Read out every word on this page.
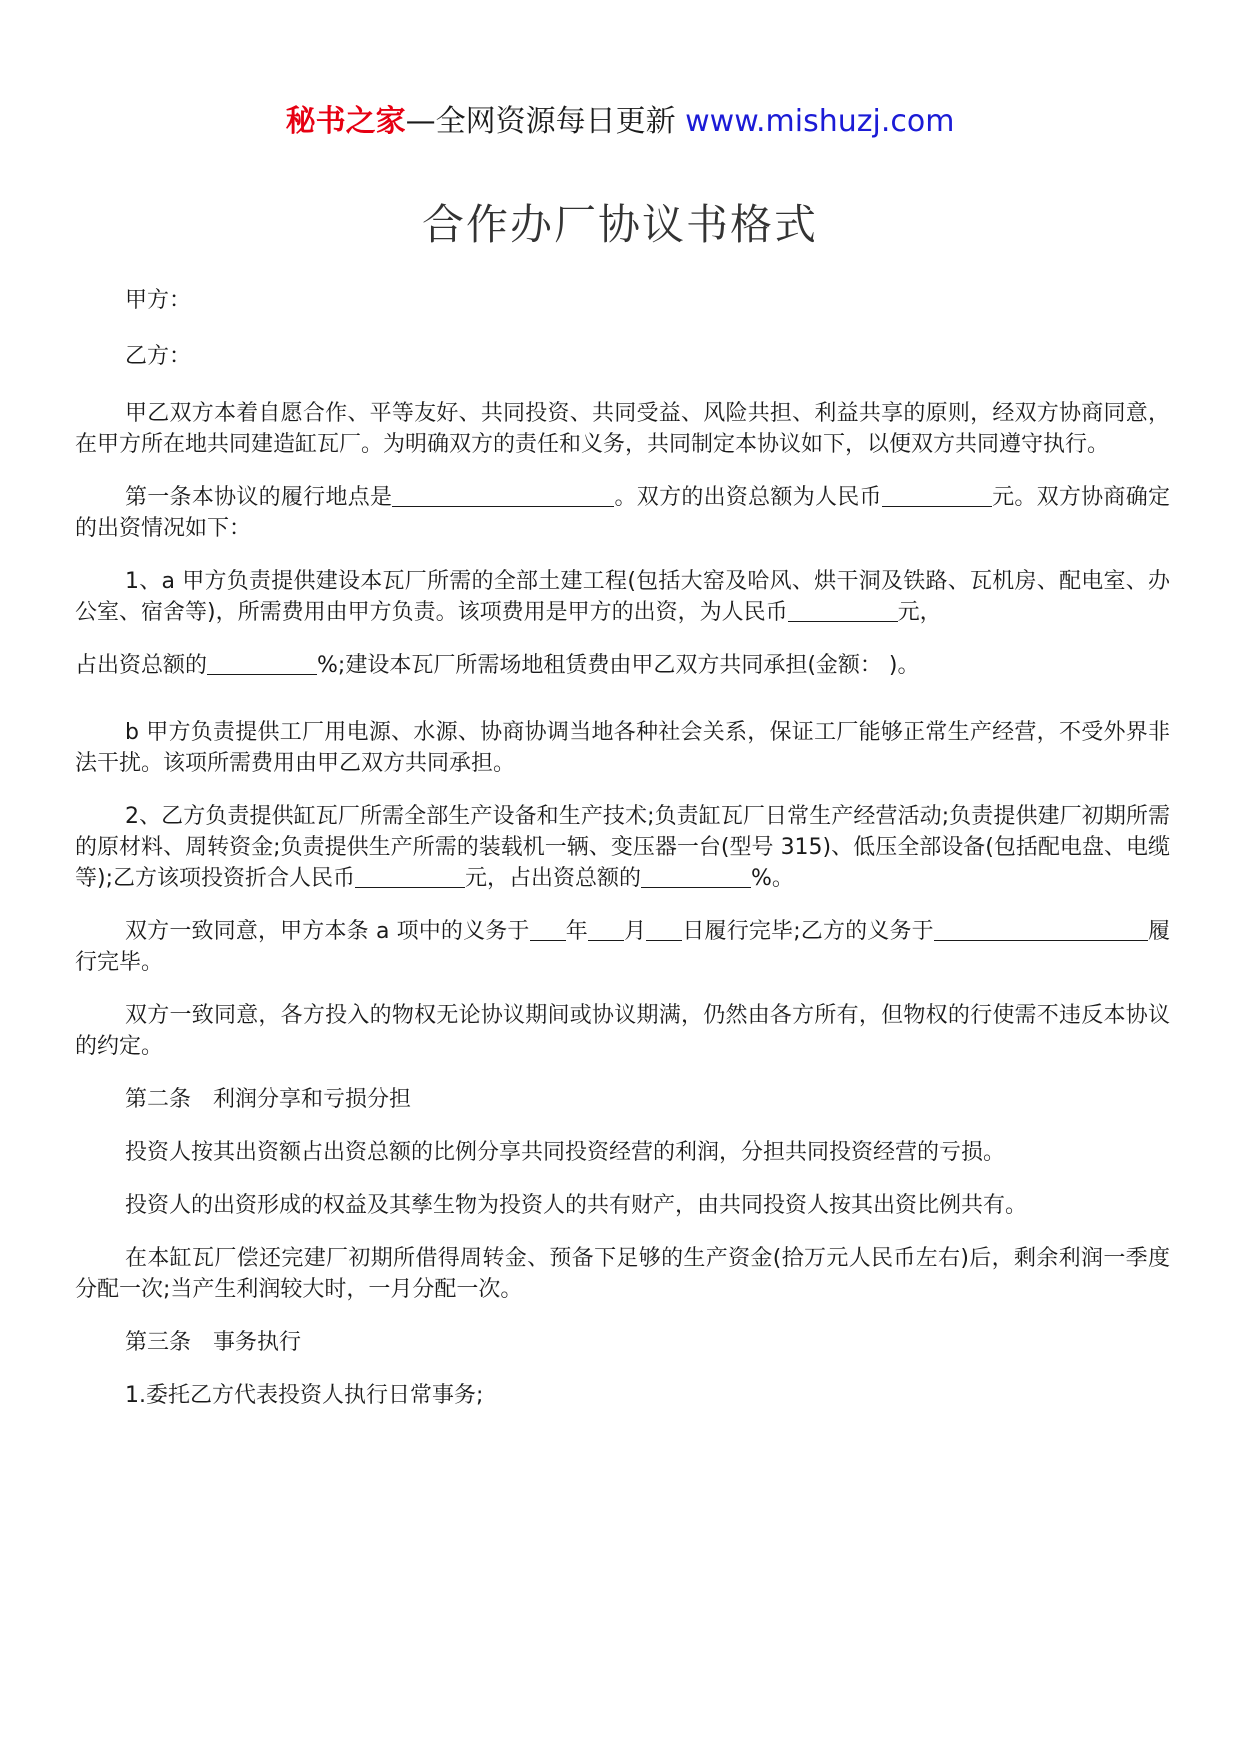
秘书之家—全网资源每日更新 www.mishuzj.com
合作办厂协议书格式

甲方：

乙方：

甲乙双方本着自愿合作、平等友好、共同投资、共同受益、风险共担、利益共享的原则，经双方协商同意，在甲方所在地共同建造缸瓦厂。为明确双方的责任和义务，共同制定本协议如下，以便双方共同遵守执行。

第一条本协议的履行地点是	。双方的出资总额为人民币	元。双方协商确定的出资情况如下：

1、a 甲方负责提供建设本瓦厂所需的全部土建工程(包括大窑及哈风、烘干洞及铁路、瓦机房、配电室、办公室、宿舍等)，所需费用由甲方负责。该项费用是甲方的出资，为人民币	元，

占出资总额的	%;建设本瓦厂所需场地租赁费由甲乙双方共同承担(金额： )。

b 甲方负责提供工厂用电源、水源、协商协调当地各种社会关系，保证工厂能够正常生产经营，不受外界非法干扰。该项所需费用由甲乙双方共同承担。

2、乙方负责提供缸瓦厂所需全部生产设备和生产技术;负责缸瓦厂日常生产经营活动;负责提供建厂初期所需的原材料、周转资金;负责提供生产所需的装载机一辆、变压器一台(型号 315)、低压全部设备(包括配电盘、电缆等);乙方该项投资折合人民币	元，占出资总额的	%。

双方一致同意，甲方本条 a 项中的义务于 年 月 日履行完毕;乙方的义务于	履行完毕。

双方一致同意，各方投入的物权无论协议期间或协议期满，仍然由各方所有，但物权的行使需不违反本协议的约定。

第二条　利润分享和亏损分担

投资人按其出资额占出资总额的比例分享共同投资经营的利润，分担共同投资经营的亏损。

投资人的出资形成的权益及其孳生物为投资人的共有财产，由共同投资人按其出资比例共有。

在本缸瓦厂偿还完建厂初期所借得周转金、预备下足够的生产资金(拾万元人民币左右)后，剩余利润一季度分配一次;当产生利润较大时，一月分配一次。

第三条　事务执行

1.委托乙方代表投资人执行日常事务;
